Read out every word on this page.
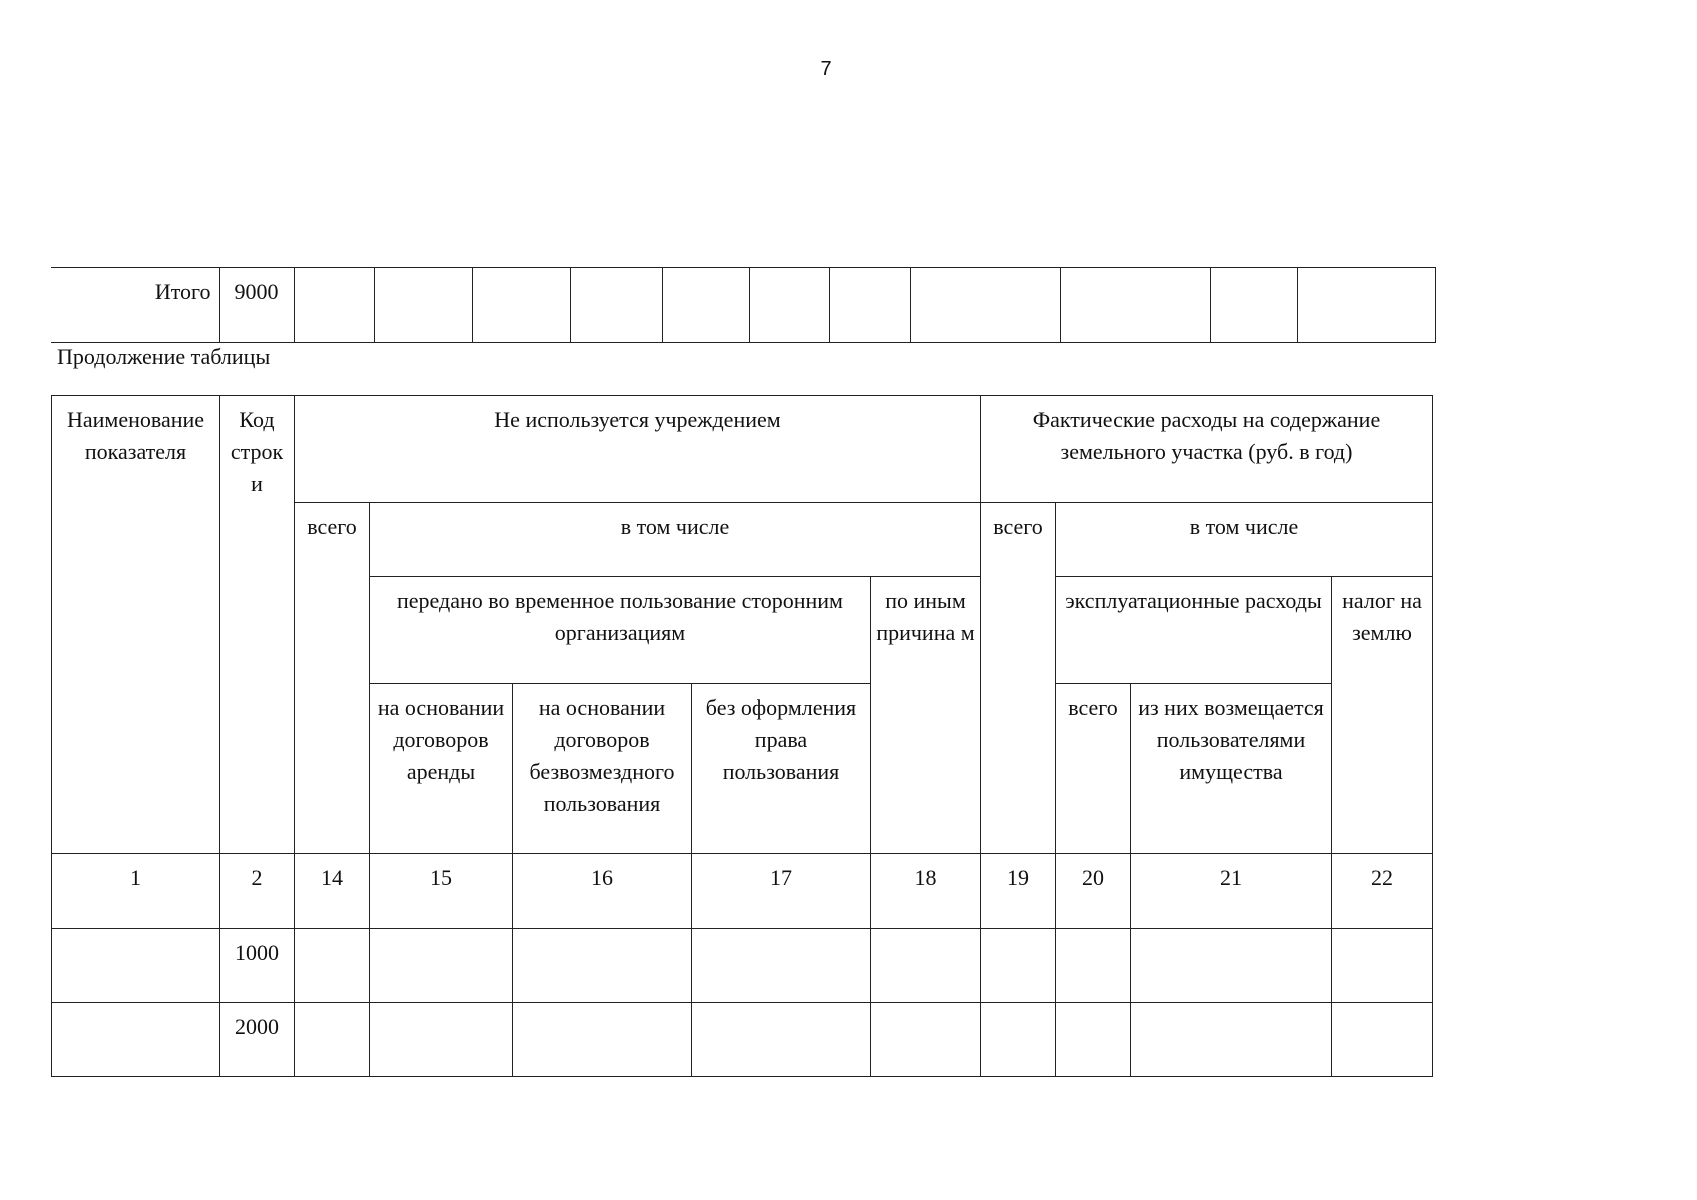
7
Итого	9000											
Продолжение таблицы
Наименование показателя	Код строк и	Не используется учреждением					Фактические расходы на содержание земельного участка (руб. в год)			
		всего	в том числе				всего	в том числе		
			передано во временное пользование сторонним организациям			по иным причина м		эксплуатационные расходы		налог на землю
			на основании договоров аренды	на основании договоров безвозмездного пользования	без оформления права пользования			всего	из них возмещается пользователями имущества	
1	2	14	15	16	17	18	19	20	21	22
	1000									
	2000									
